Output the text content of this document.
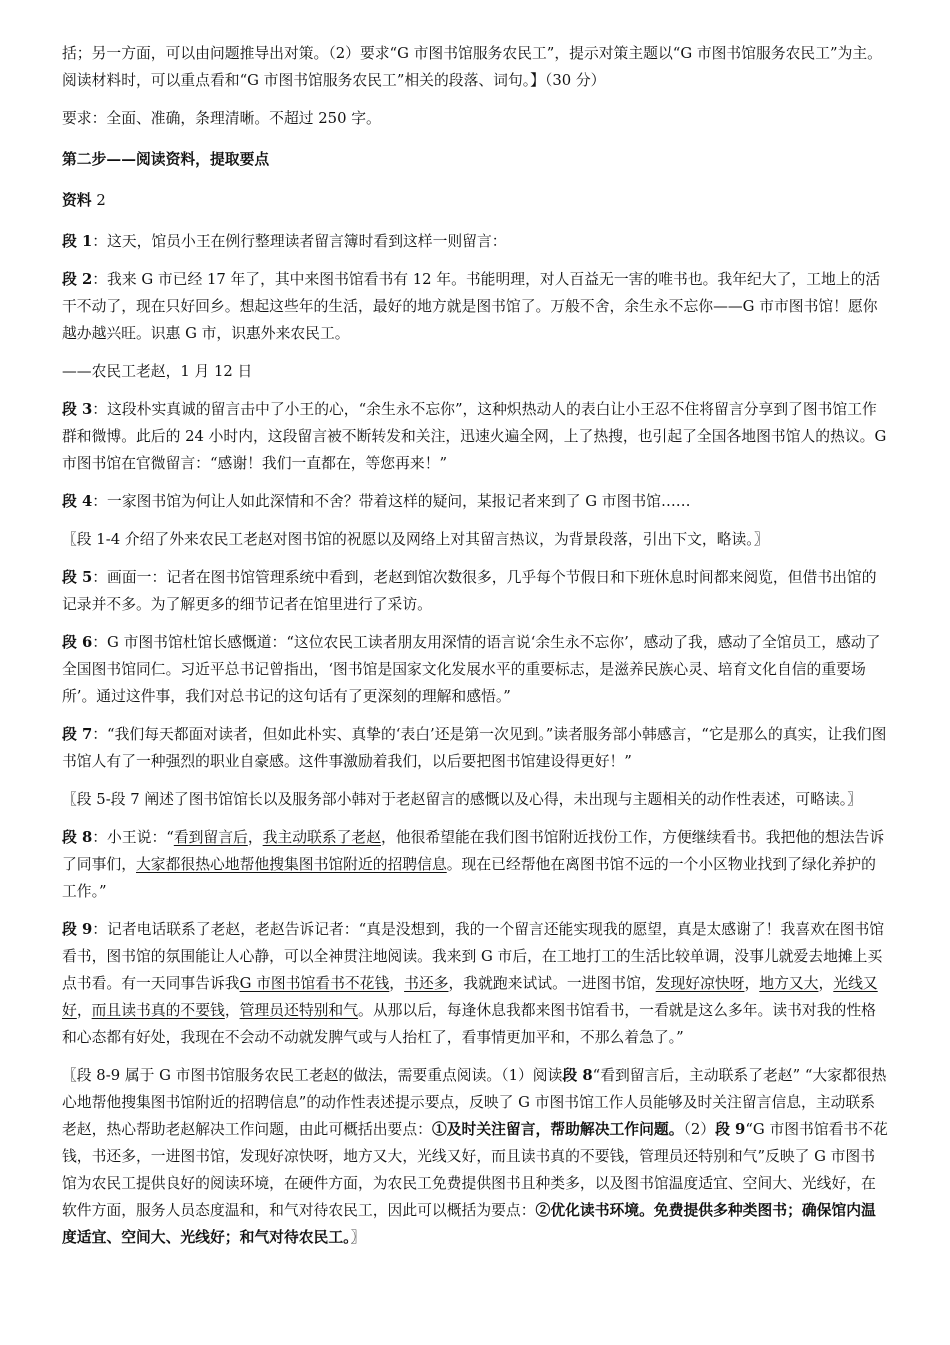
括；另一方面，可以由问题推导出对策。（2）要求“G 市图书馆服务农民工”，提示对策主题以“G 市图书馆服务农民工”为主。阅读材料时，可以重点看和“G 市图书馆服务农民工”相关的段落、词句。】（30 分）

要求：全面、准确，条理清晰。不超过 250 字。

第二步——阅读资料，提取要点

资料 2

段 1：这天，馆员小王在例行整理读者留言簿时看到这样一则留言：

段 2：我来 G 市已经 17 年了，其中来图书馆看书有 12 年。书能明理，对人百益无一害的唯书也。我年纪大了，工地上的活干不动了，现在只好回乡。想起这些年的生活，最好的地方就是图书馆了。万般不舍，余生永不忘你——G 市市图书馆！愿你越办越兴旺。识惠 G 市，识惠外来农民工。

——农民工老赵，1 月 12 日

段 3：这段朴实真诚的留言击中了小王的心，“余生永不忘你”，这种炽热动人的表白让小王忍不住将留言分享到了图书馆工作群和微博。此后的 24 小时内，这段留言被不断转发和关注，迅速火遍全网，上了热搜，也引起了全国各地图书馆人的热议。G 市图书馆在官微留言：“感谢！我们一直都在，等您再来！”

段 4：一家图书馆为何让人如此深情和不舍？带着这样的疑问，某报记者来到了 G 市图书馆……

〖段 1-4 介绍了外来农民工老赵对图书馆的祝愿以及网络上对其留言热议，为背景段落，引出下文，略读。〗

段 5：画面一：记者在图书馆管理系统中看到，老赵到馆次数很多，几乎每个节假日和下班休息时间都来阅览，但借书出馆的记录并不多。为了解更多的细节记者在馆里进行了采访。

段 6：G 市图书馆杜馆长感慨道：“这位农民工读者朋友用深情的语言说‘余生永不忘你’，感动了我，感动了全馆员工，感动了全国图书馆同仁。习近平总书记曾指出，‘图书馆是国家文化发展水平的重要标志，是滋养民族心灵、培育文化自信的重要场所’。通过这件事，我们对总书记的这句话有了更深刻的理解和感悟。”

段 7：“我们每天都面对读者，但如此朴实、真挚的‘表白’还是第一次见到。”读者服务部小韩感言，“它是那么的真实，让我们图书馆人有了一种强烈的职业自豪感。这件事激励着我们，以后要把图书馆建设得更好！”

〖段 5-段 7 阐述了图书馆馆长以及服务部小韩对于老赵留言的感慨以及心得，未出现与主题相关的动作性表述，可略读。〗

段 8：小王说：“看到留言后，我主动联系了老赵，他很希望能在我们图书馆附近找份工作，方便继续看书。我把他的想法告诉了同事们，大家都很热心地帮他搜集图书馆附近的招聘信息。现在已经帮他在离图书馆不远的一个小区物业找到了绿化养护的工作。”

段 9：记者电话联系了老赵，老赵告诉记者：“真是没想到，我的一个留言还能实现我的愿望，真是太感谢了！我喜欢在图书馆看书，图书馆的氛围能让人心静，可以全神贯注地阅读。我来到 G 市后，在工地打工的生活比较单调，没事儿就爱去地摊上买点书看。有一天同事告诉我G 市图书馆看书不花钱，书还多，我就跑来试试。一进图书馆，发现好凉快呀，地方又大，光线又好，而且读书真的不要钱，管理员还特别和气。从那以后，每逢休息我都来图书馆看书，一看就是这么多年。读书对我的性格和心态都有好处，我现在不会动不动就发脾气或与人抬杠了，看事情更加平和，不那么着急了。”

〖段 8-9 属于 G 市图书馆服务农民工老赵的做法，需要重点阅读。（1）阅读段 8“看到留言后，主动联系了老赵” “大家都很热心地帮他搜集图书馆附近的招聘信息”的动作性表述提示要点，反映了 G 市图书馆工作人员能够及时关注留言信息，主动联系老赵，热心帮助老赵解决工作问题，由此可概括出要点：①及时关注留言，帮助解决工作问题。（2）段 9“G 市图书馆看书不花钱，书还多，一进图书馆，发现好凉快呀，地方又大，光线又好，而且读书真的不要钱，管理员还特别和气”反映了 G 市图书馆为农民工提供良好的阅读环境，在硬件方面，为农民工免费提供图书且种类多，以及图书馆温度适宜、空间大、光线好，在软件方面，服务人员态度温和，和气对待农民工，因此可以概括为要点：②优化读书环境。免费提供多种类图书；确保馆内温度适宜、空间大、光线好；和气对待农民工。〗
